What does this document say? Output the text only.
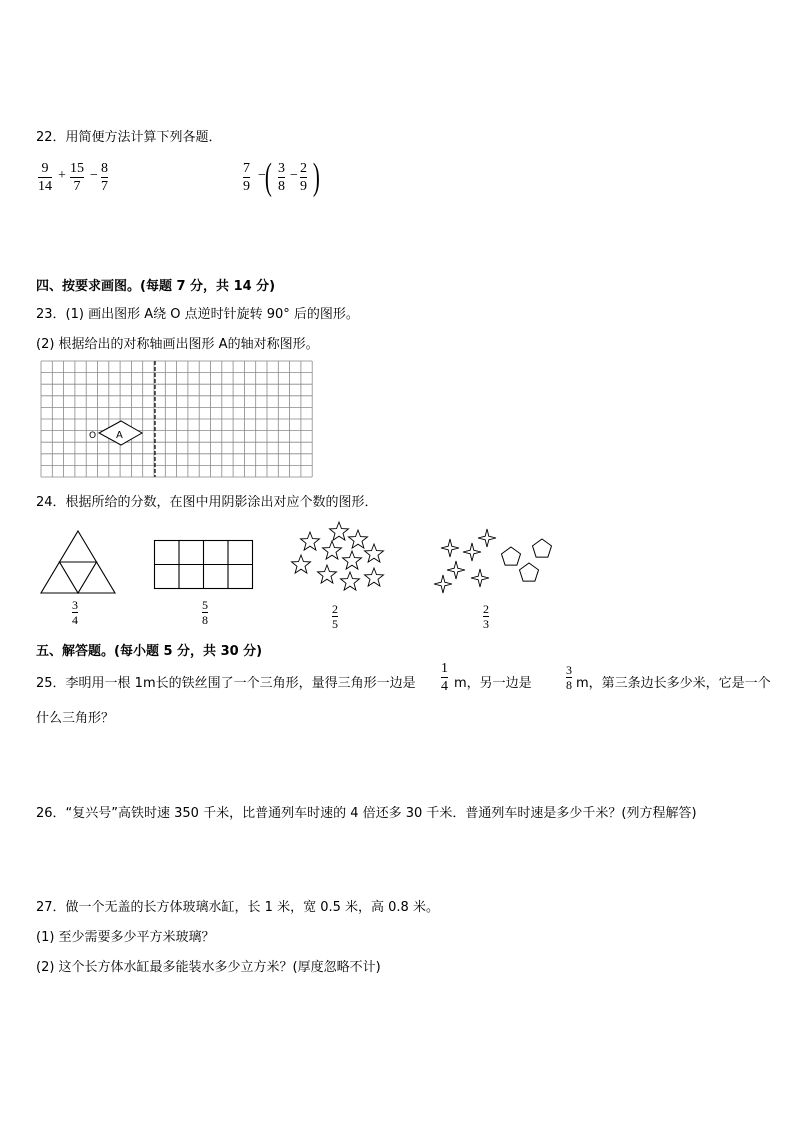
22．用简便方法计算下列各题．
9
14
+ 15
7
− 8
7
7
9
−
( 3
8
− 2
9 )
四、按要求画图。(每题 7 分，共 14 分)
23．(1) 画出图形 A绕 O 点逆时针旋转 90° 后的图形。
(2) 根据给出的对称轴画出图形 A的轴对称图形。
A
O
24．根据所给的分数，在图中用阴影涂出对应个数的图形．
3
4
5
8
2
5
2
3
五、解答题。(每小题 5 分，共 30 分)
25．李明用一根 1m长的铁丝围了一个三角形，量得三角形一边是
1
4 m，另一边是
3
8 m，第三条边长多少米，它是一个
什么三角形？
26．“复兴号”高铁时速 350 千米，比普通列车时速的 4 倍还多 30 千米．普通列车时速是多少千米？(列方程解答)
27．做一个无盖的长方体玻璃水缸，长 1 米，宽 0.5 米，高 0.8 米。
(1) 至少需要多少平方米玻璃？
(2) 这个长方体水缸最多能装水多少立方米？(厚度忽略不计)
